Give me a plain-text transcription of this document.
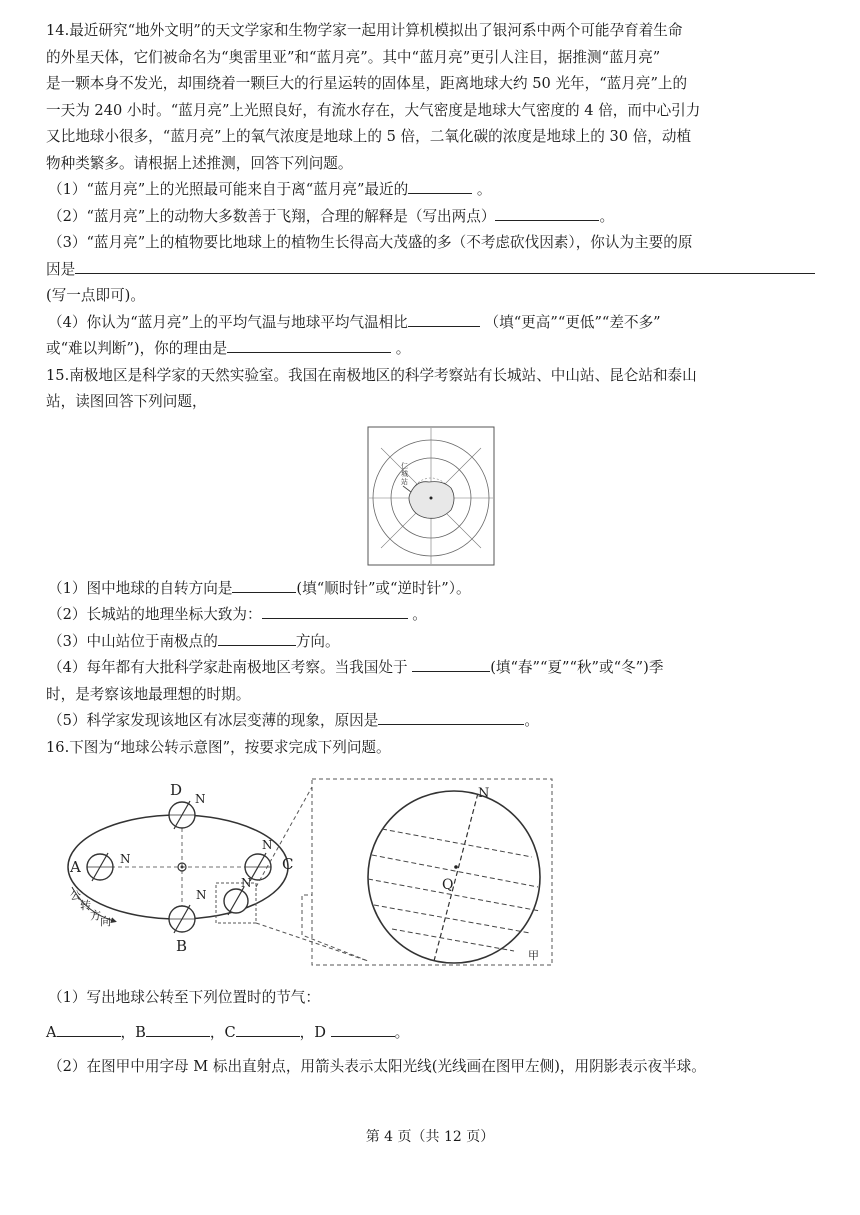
14.最近研究“地外文明”的天文学家和生物学家一起用计算机模拟出了银河系中两个可能孕育着生命

的外星天体，它们被命名为“奥雷里亚”和“蓝月亮”。其中“蓝月亮”更引人注目，据推测“蓝月亮”

是一颗本身不发光，却围绕着一颗巨大的行星运转的固体星，距离地球大约 50 光年，“蓝月亮”上的

一天为 240 小时。“蓝月亮”上光照良好，有流水存在，大气密度是地球大气密度的 4 倍，而中心引力

又比地球小很多，“蓝月亮”上的氧气浓度是地球上的 5 倍，二氧化碳的浓度是地球上的 30 倍，动植

物种类繁多。请根据上述推测，回答下列问题。

（1）“蓝月亮”上的光照最可能来自于离“蓝月亮”最近的	。

（2）“蓝月亮”上的动物大多数善于飞翔，合理的解释是（写出两点）	。

（3）“蓝月亮”上的植物要比地球上的植物生长得高大茂盛的多（不考虑砍伐因素），你认为主要的原

因是

(写一点即可)。

（4）你认为“蓝月亮”上的平均气温与地球平均气温相比	（填“更高”“更低”“差不多”

或“难以判断”)，你的理由是	。

15.南极地区是科学家的天然实验室。我国在南极地区的科学考察站有长城站、中山站、昆仑站和泰山

站，读图回答下列问题，

仁
城
站

（1）图中地球的自转方向是	(填“顺时针”或“逆时针”）。

（2）长城站的地理坐标大致为：	。

（3）中山站位于南极点的	方向。

（4）每年都有大批科学家赴南极地区考察。当我国处于	(填“春”“夏”“秋”或“冬”)季

时，是考察该地最理想的时期。

（5）科学家发现该地区有冰层变薄的现象，原因是	。

16.下图为“地球公转示意图”，按要求完成下列问题。

D N
A	N	C
N
B
N
N
公
转
方 向
N
Q
甲

（1）写出地球公转至下列位置时的节气：

A	，B	，C	，D	。

（2）在图甲中用字母 M 标出直射点，用箭头表示太阳光线(光线画在图甲左侧)，用阴影表示夜半球。

第 4 页（共 12 页）
